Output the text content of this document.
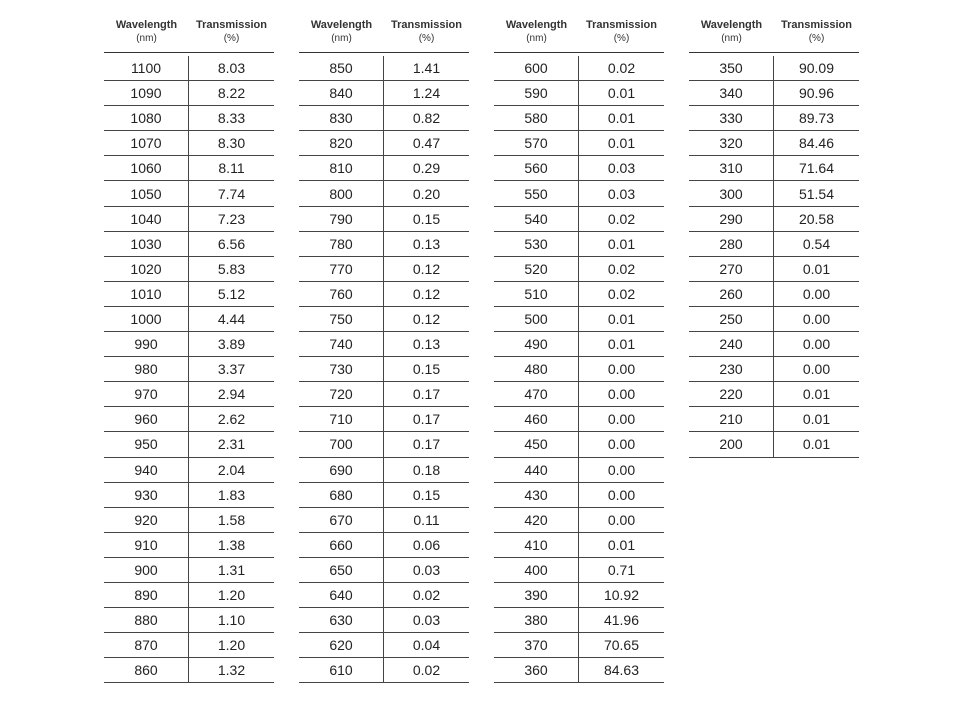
Wavelength
(nm)
Transmission
(%)
1100	8.03
1090	8.22
1080	8.33
1070	8.30
1060	8.11
1050	7.74
1040	7.23
1030	6.56
1020	5.83
1010	5.12
1000	4.44
990	3.89
980	3.37
970	2.94
960	2.62
950	2.31
940	2.04
930	1.83
920	1.58
910	1.38
900	1.31
890	1.20
880	1.10
870	1.20
860	1.32
Wavelength
(nm)
Transmission
(%)
850	1.41
840	1.24
830	0.82
820	0.47
810	0.29
800	0.20
790	0.15
780	0.13
770	0.12
760	0.12
750	0.12
740	0.13
730	0.15
720	0.17
710	0.17
700	0.17
690	0.18
680	0.15
670	0.11
660	0.06
650	0.03
640	0.02
630	0.03
620	0.04
610	0.02
Wavelength
(nm)
Transmission
(%)
600	0.02
590	0.01
580	0.01
570	0.01
560	0.03
550	0.03
540	0.02
530	0.01
520	0.02
510	0.02
500	0.01
490	0.01
480	0.00
470	0.00
460	0.00
450	0.00
440	0.00
430	0.00
420	0.00
410	0.01
400	0.71
390	10.92
380	41.96
370	70.65
360	84.63
Wavelength
(nm)
Transmission
(%)
350	90.09
340	90.96
330	89.73
320	84.46
310	71.64
300	51.54
290	20.58
280	0.54
270	0.01
260	0.00
250	0.00
240	0.00
230	0.00
220	0.01
210	0.01
200	0.01
